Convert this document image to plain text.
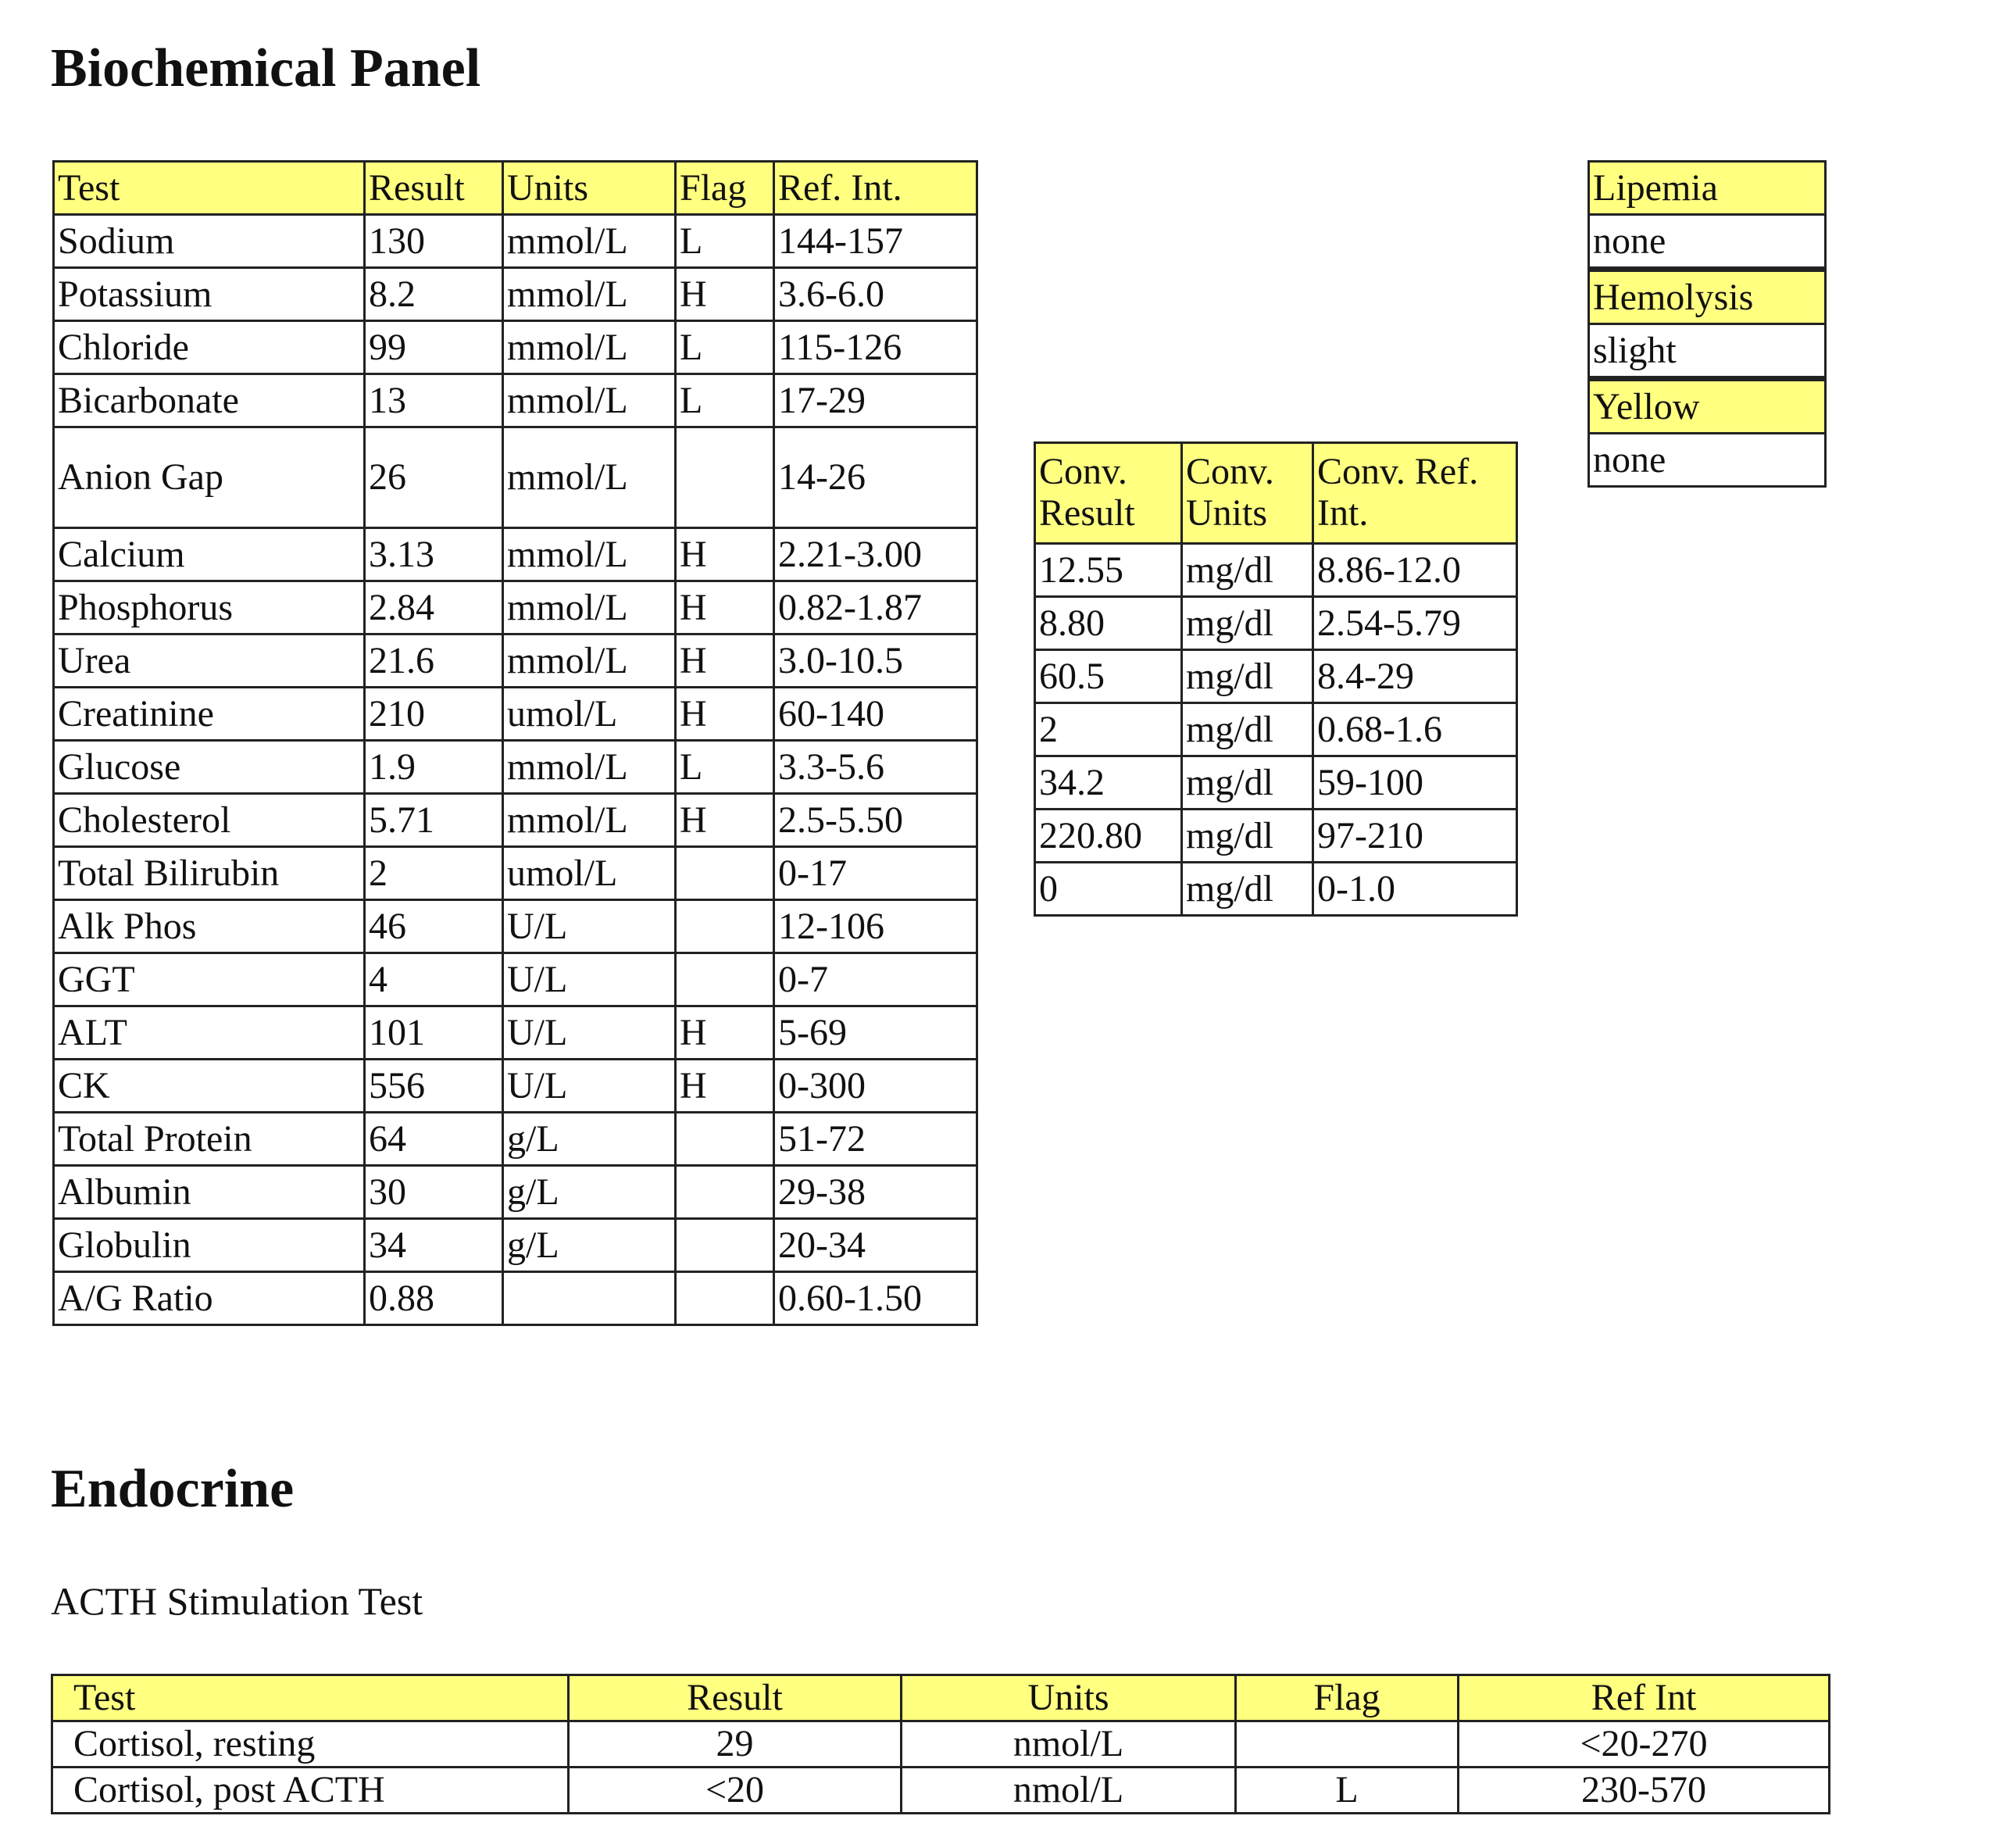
Biochemical Panel
Test	Result	Units	Flag	Ref. Int.
Sodium	130	mmol/L	L	144-157
Potassium	8.2	mmol/L	H	3.6-6.0
Chloride	99	mmol/L	L	115-126
Bicarbonate	13	mmol/L	L	17-29
Anion Gap	26	mmol/L		14-26
Calcium	3.13	mmol/L	H	2.21-3.00
Phosphorus	2.84	mmol/L	H	0.82-1.87
Urea	21.6	mmol/L	H	3.0-10.5
Creatinine	210	umol/L	H	60-140
Glucose	1.9	mmol/L	L	3.3-5.6
Cholesterol	5.71	mmol/L	H	2.5-5.50
Total Bilirubin	2	umol/L		0-17
Alk Phos	46	U/L		12-106
GGT	4	U/L		0-7
ALT	101	U/L	H	5-69
CK	556	U/L	H	0-300
Total Protein	64	g/L		51-72
Albumin	30	g/L		29-38
Globulin	34	g/L		20-34
A/G Ratio	0.88			0.60-1.50
Conv. Result	Conv. Units	Conv. Ref. Int.
12.55	mg/dl	8.86-12.0
8.80	mg/dl	2.54-5.79
60.5	mg/dl	8.4-29
2	mg/dl	0.68-1.6
34.2	mg/dl	59-100
220.80	mg/dl	97-210
0	mg/dl	0-1.0
Lipemia
none
Hemolysis
slight
Yellow
none
Endocrine

ACTH Stimulation Test

Test	Result	Units	Flag	Ref Int
Cortisol, resting	29	nmol/L		<20-270
Cortisol, post ACTH	<20	nmol/L	L	230-570
